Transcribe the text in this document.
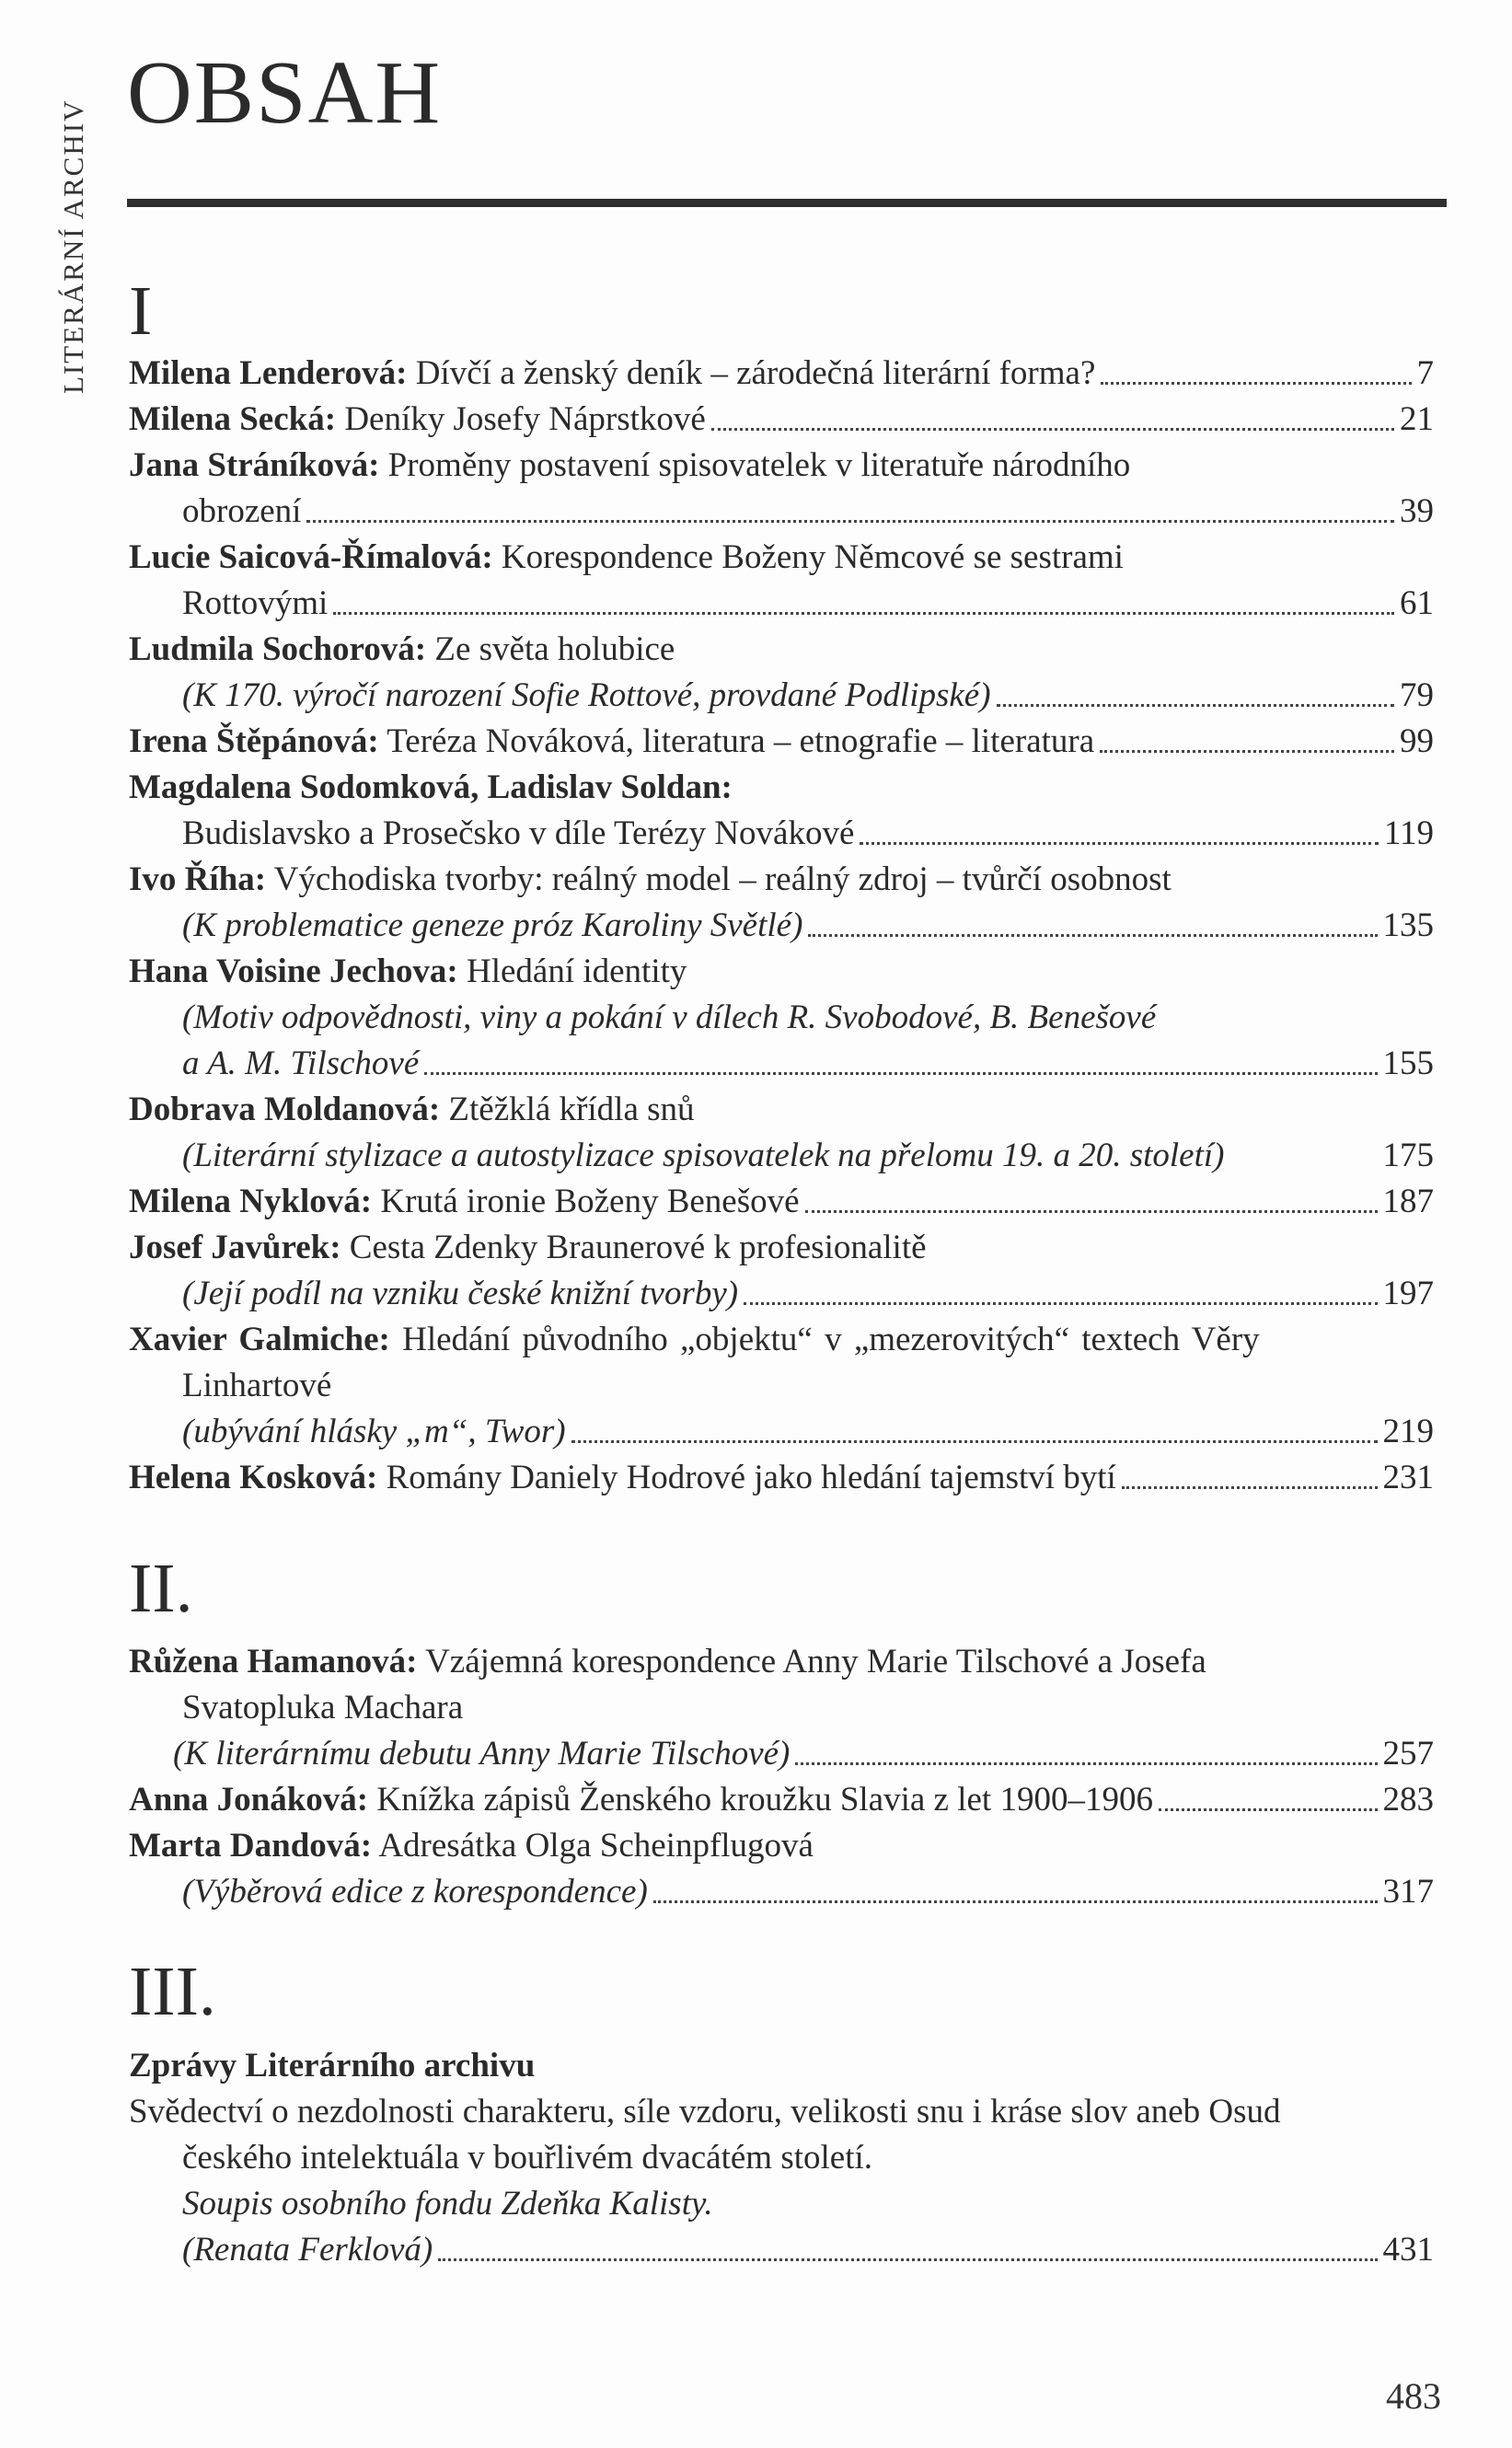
LITERÁRNÍ ARCHIV
OBSAH
I
Milena Lenderová: Dívčí a ženský deník – zárodečná literární forma?	7
Milena Secká: Deníky Josefy Náprstkové	21
Jana Stráníková: Proměny postavení spisovatelek v literatuře národního
obrození	39
Lucie Saicová-Římalová: Korespondence Boženy Němcové se sestrami
Rottovými	61
Ludmila Sochorová: Ze světa holubice
(K 170. výročí narození Sofie Rottové, provdané Podlipské)	79
Irena Štěpánová: Teréza Nováková, literatura – etnografie – literatura	99
Magdalena Sodomková, Ladislav Soldan:
Budislavsko a Prosečsko v díle Terézy Novákové	119
Ivo Říha: Východiska tvorby: reálný model – reálný zdroj – tvůrčí osobnost
(K problematice geneze próz Karoliny Světlé)	135
Hana Voisine Jechova: Hledání identity
(Motiv odpovědnosti, viny a pokání v dílech R. Svobodové, B. Benešové
a A. M. Tilschové	155
Dobrava Moldanová: Ztěžklá křídla snů
(Literární stylizace a autostylizace spisovatelek na přelomu 19. a 20. století)	175
Milena Nyklová: Krutá ironie Boženy Benešové	187
Josef Javůrek: Cesta Zdenky Braunerové k profesionalitě
(Její podíl na vzniku české knižní tvorby)	197
Xavier Galmiche: Hledání původního „objektu“ v „mezerovitých“ textech Věry
Linhartové
(ubývání hlásky „m“, Twor)	219
Helena Kosková: Romány Daniely Hodrové jako hledání tajemství bytí	231
II.
Růžena Hamanová: Vzájemná korespondence Anny Marie Tilschové a Josefa
Svatopluka Machara
(K literárnímu debutu Anny Marie Tilschové)	257
Anna Jonáková: Knížka zápisů Ženského kroužku Slavia z let 1900–1906	283
Marta Dandová: Adresátka Olga Scheinpflugová
(Výběrová edice z korespondence)	317
III.
Zprávy Literárního archivu
Svědectví o nezdolnosti charakteru, síle vzdoru, velikosti snu i kráse slov aneb Osud
českého intelektuála v bouřlivém dvacátém století.
Soupis osobního fondu Zdeňka Kalisty.
(Renata Ferklová)	431
483
